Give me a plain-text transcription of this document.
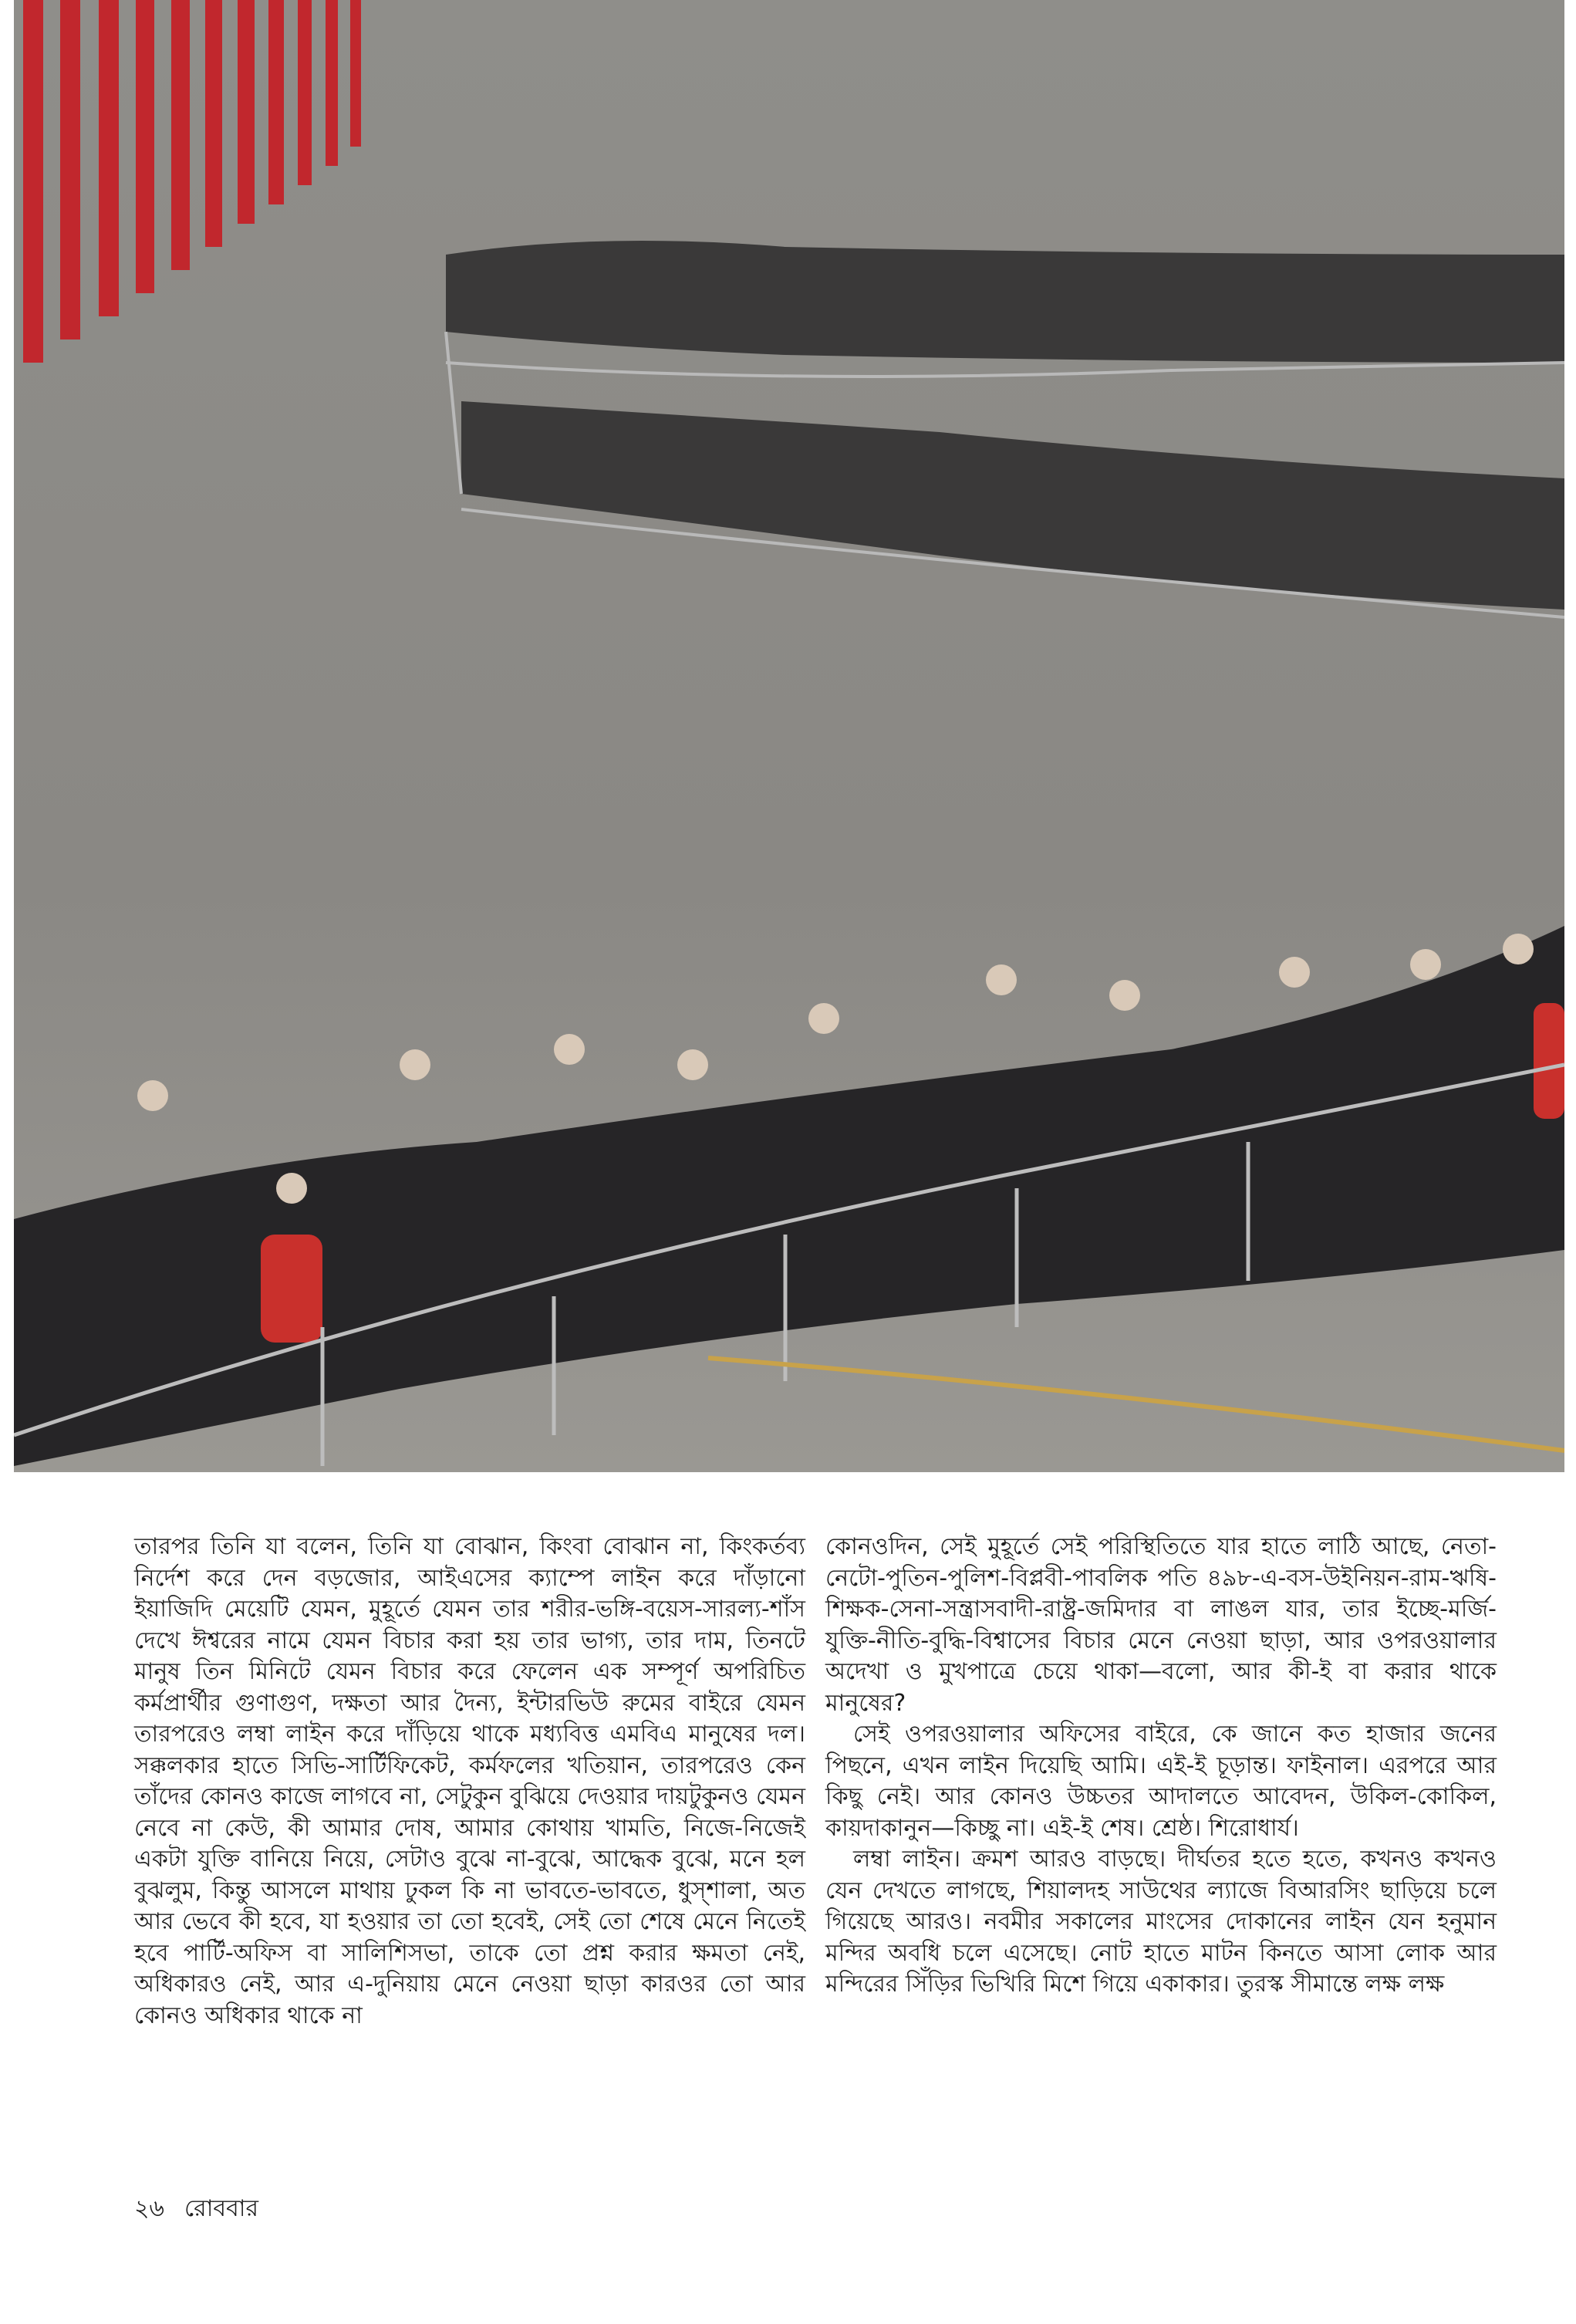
তারপর তিনি যা বলেন, তিনি যা বোঝান, কিংবা বোঝান না, কিংকর্তব্য নির্দেশ করে দেন বড়জোর, আইএসের ক্যাম্পে লাইন করে দাঁড়ানো ইয়াজিদি মেয়েটি যেমন, মুহূর্তে যেমন তার শরীর-ভঙ্গি-বয়েস-সারল্য-শাঁস দেখে ঈশ্বরের নামে যেমন বিচার করা হয় তার ভাগ্য, তার দাম, তিনটে মানুষ তিন মিনিটে যেমন বিচার করে ফেলেন এক সম্পূর্ণ অপরিচিত কর্মপ্রার্থীর গুণাগুণ, দক্ষতা আর দৈন্য, ইন্টারভিউ রুমের বাইরে যেমন তারপরেও লম্বা লাইন করে দাঁড়িয়ে থাকে মধ্যবিত্ত এমবিএ মানুষের দল। সক্কলকার হাতে সিভি-সার্টিফিকেট, কর্মফলের খতিয়ান, তারপরেও কেন তাঁদের কোনও কাজে লাগবে না, সেটুকুন বুঝিয়ে দেওয়ার দায়টুকুনও যেমন নেবে না কেউ, কী আমার দোষ, আমার কোথায় খামতি, নিজে-নিজেই একটা যুক্তি বানিয়ে নিয়ে, সেটাও বুঝে না-বুঝে, আদ্ধেক বুঝে, মনে হল বুঝলুম, কিন্তু আসলে মাথায় ঢুকল কি না ভাবতে-ভাবতে, ধুস্‌শালা, অত আর ভেবে কী হবে, যা হওয়ার তা তো হবেই, সেই তো শেষে মেনে নিতেই হবে পার্টি-অফিস বা সালিশিসভা, তাকে তো প্রশ্ন করার ক্ষমতা নেই, অধিকারও নেই, আর এ-দুনিয়ায় মেনে নেওয়া ছাড়া কারওর তো আর কোনও অধিকার থাকে না

কোনওদিন, সেই মুহূর্তে সেই পরিস্থিতিতে যার হাতে লাঠি আছে, নেতা-নেটো-পুতিন-পুলিশ-বিপ্লবী-পাবলিক পতি ৪৯৮-এ-বস-উইনিয়ন-রাম-ঋষি-শিক্ষক-সেনা-সন্ত্রাসবাদী-রাষ্ট্র-জমিদার বা লাঙল যার, তার ইচ্ছে-মর্জি-যুক্তি-নীতি-বুদ্ধি-বিশ্বাসের বিচার মেনে নেওয়া ছাড়া, আর ওপরওয়ালার অদেখা ও মুখপাত্রে চেয়ে থাকা—বলো, আর কী-ই বা করার থাকে মানুষের?

সেই ওপরওয়ালার অফিসের বাইরে, কে জানে কত হাজার জনের পিছনে, এখন লাইন দিয়েছি আমি। এই-ই চূড়ান্ত। ফাইনাল। এরপরে আর কিছু নেই। আর কোনও উচ্চতর আদালতে আবেদন, উকিল-কোকিল, কায়দাকানুন—কিচ্ছু না। এই-ই শেষ। শ্রেষ্ঠ। শিরোধার্য।

লম্বা লাইন। ক্রমশ আরও বাড়ছে। দীর্ঘতর হতে হতে, কখনও কখনও যেন দেখতে লাগছে, শিয়ালদহ সাউথের ল্যাজে বিআরসিং ছাড়িয়ে চলে গিয়েছে আরও। নবমীর সকালের মাংসের দোকানের লাইন যেন হনুমান মন্দির অবধি চলে এসেছে। নোট হাতে মাটন কিনতে আসা লোক আর মন্দিরের সিঁড়ির ভিখিরি মিশে গিয়ে একাকার। তুরস্ক সীমান্তে লক্ষ লক্ষ

২৬ রোববার
